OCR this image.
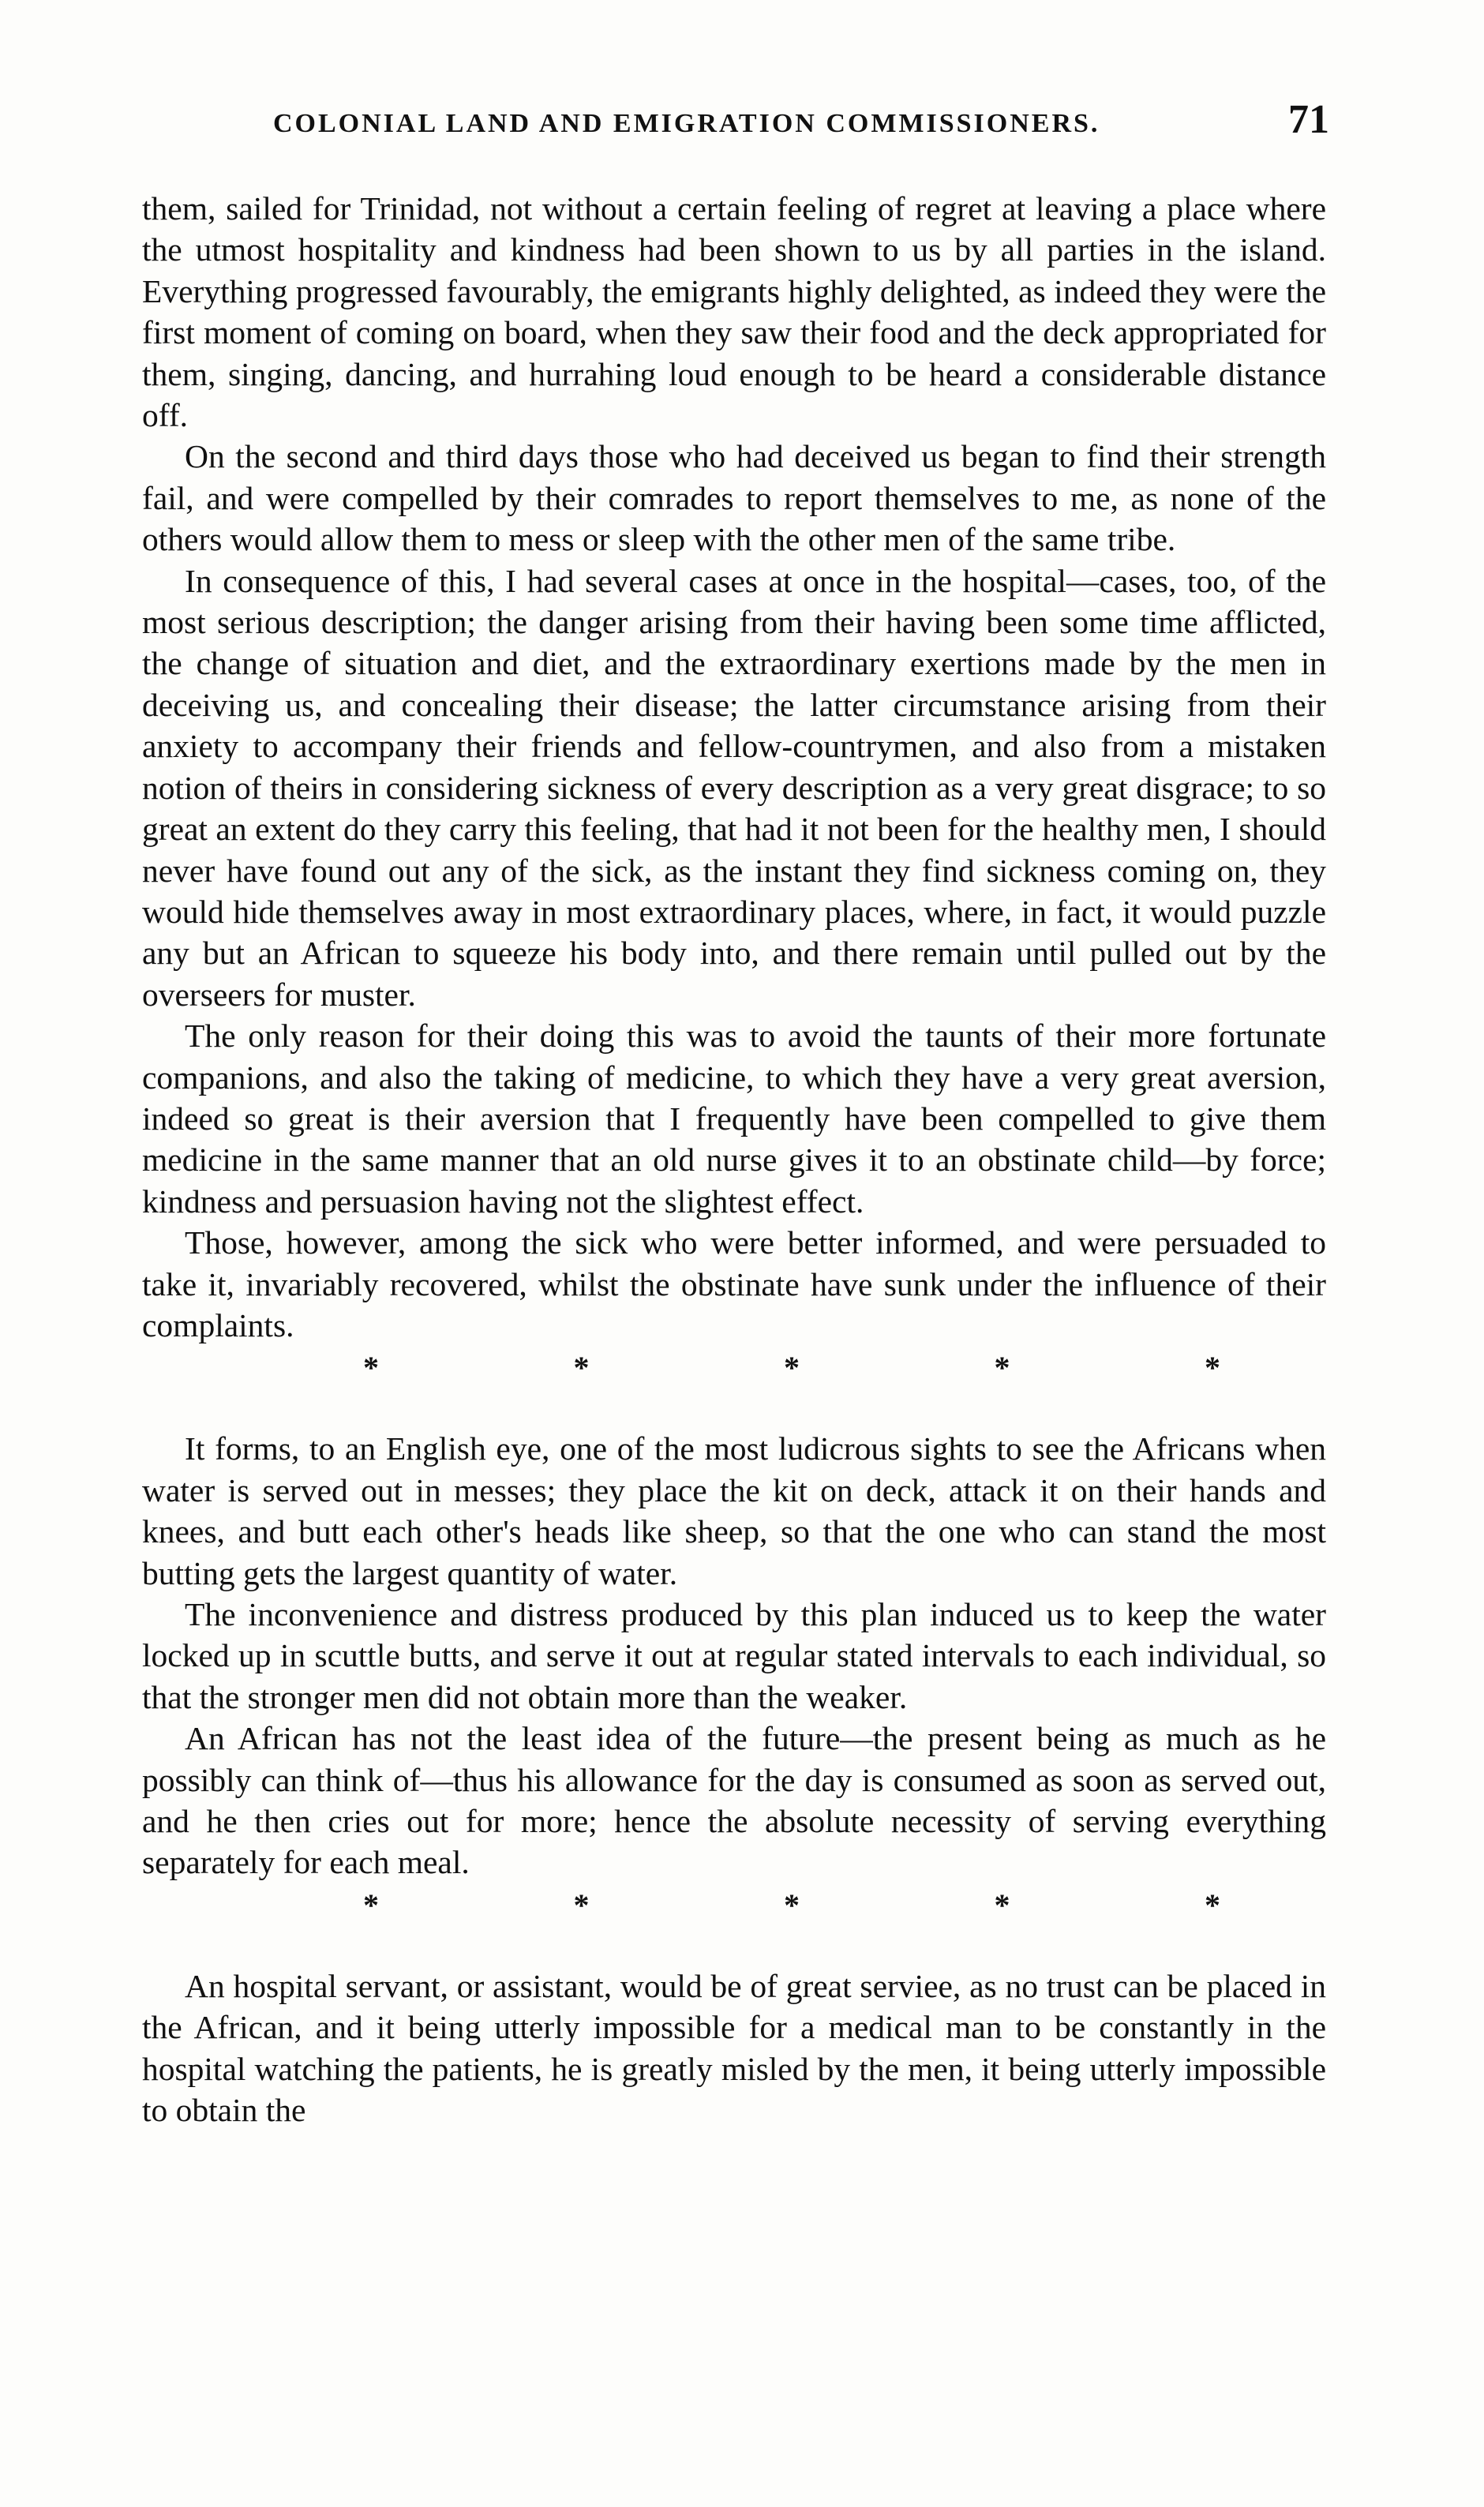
COLONIAL LAND AND EMIGRATION COMMISSIONERS.	71

them, sailed for Trinidad, not without a certain feeling of regret at leaving a place where the utmost hospitality and kindness had been shown to us by all parties in the island. Everything progressed favourably, the emigrants highly delighted, as indeed they were the first moment of coming on board, when they saw their food and the deck appropriated for them, singing, dancing, and hurrahing loud enough to be heard a considerable distance off.

On the second and third days those who had deceived us began to find their strength fail, and were compelled by their comrades to report themselves to me, as none of the others would allow them to mess or sleep with the other men of the same tribe.

In consequence of this, I had several cases at once in the hospital—cases, too, of the most serious description; the danger arising from their having been some time afflicted, the change of situation and diet, and the extraordinary exertions made by the men in deceiving us, and concealing their disease; the latter circumstance arising from their anxiety to accompany their friends and fellow-countrymen, and also from a mistaken notion of theirs in considering sickness of every description as a very great disgrace; to so great an extent do they carry this feeling, that had it not been for the healthy men, I should never have found out any of the sick, as the instant they find sickness coming on, they would hide themselves away in most extraordinary places, where, in fact, it would puzzle any but an African to squeeze his body into, and there remain until pulled out by the overseers for muster.

The only reason for their doing this was to avoid the taunts of their more fortunate companions, and also the taking of medicine, to which they have a very great aversion, indeed so great is their aversion that I frequently have been compelled to give them medicine in the same manner that an old nurse gives it to an obstinate child—by force; kindness and persuasion having not the slightest effect.

Those, however, among the sick who were better informed, and were persuaded to take it, invariably recovered, whilst the obstinate have sunk under the influence of their complaints.

*	*	*	*	*

It forms, to an English eye, one of the most ludicrous sights to see the Africans when water is served out in messes; they place the kit on deck, attack it on their hands and knees, and butt each other's heads like sheep, so that the one who can stand the most butting gets the largest quantity of water.

The inconvenience and distress produced by this plan induced us to keep the water locked up in scuttle butts, and serve it out at regular stated intervals to each individual, so that the stronger men did not obtain more than the weaker.

An African has not the least idea of the future—the present being as much as he possibly can think of—thus his allowance for the day is consumed as soon as served out, and he then cries out for more; hence the absolute necessity of serving everything separately for each meal.

*	*	*	*	*

An hospital servant, or assistant, would be of great serviee, as no trust can be placed in the African, and it being utterly impossible for a medical man to be constantly in the hospital watching the patients, he is greatly misled by the men, it being utterly impossible to obtain the
